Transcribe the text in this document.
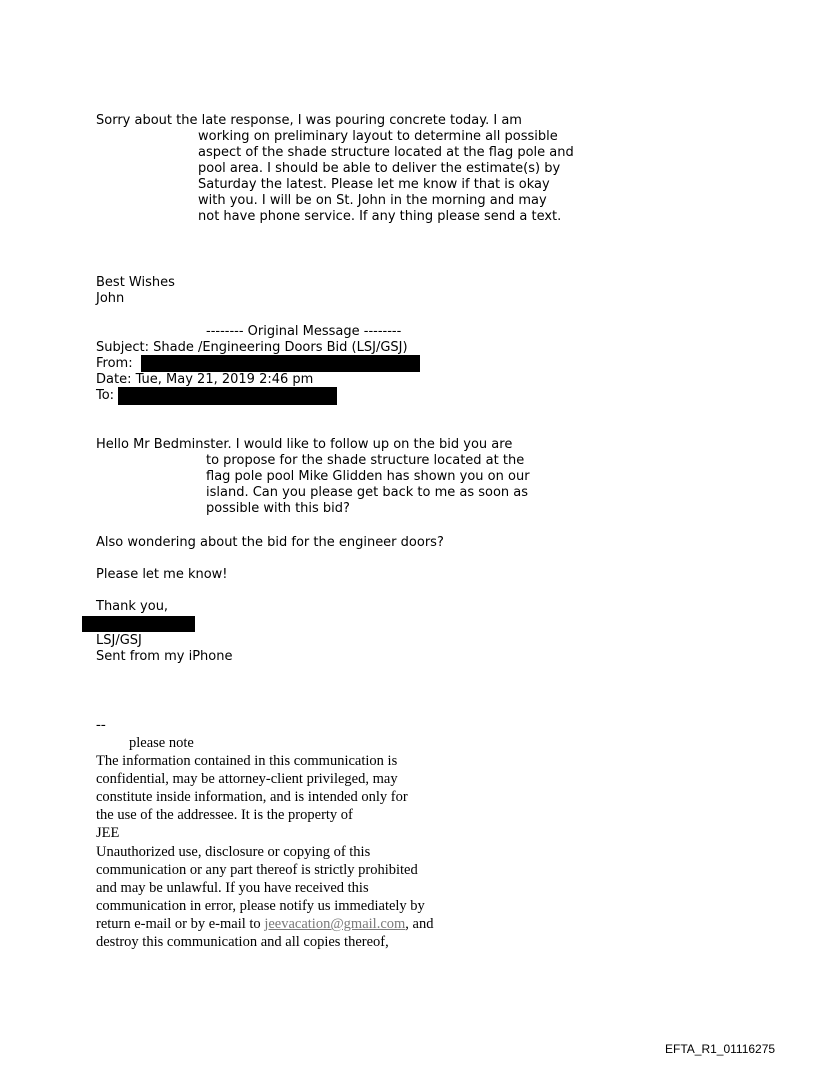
Sorry about the late response, I was pouring concrete today. I am
working on preliminary layout to determine all possible
aspect of the shade structure located at the flag pole and
pool area. I should be able to deliver the estimate(s) by
Saturday the latest. Please let me know if that is okay
with you. I will be on St. John in the morning and may
not have phone service. If any thing please send a text.
Best Wishes
John
-------- Original Message --------
Subject: Shade /Engineering Doors Bid (LSJ/GSJ)
From:
Date: Tue, May 21, 2019 2:46 pm
To:
Hello Mr Bedminster. I would like to follow up on the bid you are
to propose for the shade structure located at the
flag pole pool Mike Glidden has shown you on our
island. Can you please get back to me as soon as
possible with this bid?
Also wondering about the bid for the engineer doors?
Please let me know!
Thank you,
LSJ/GSJ
Sent from my iPhone
--
please note
The information contained in this communication is
confidential, may be attorney-client privileged, may
constitute inside information, and is intended only for
the use of the addressee. It is the property of
JEE
Unauthorized use, disclosure or copying of this
communication or any part thereof is strictly prohibited
and may be unlawful. If you have received this
communication in error, please notify us immediately by
return e-mail or by e-mail to jeevacation@gmail.com, and
destroy this communication and all copies thereof,
EFTA_R1_01116275
